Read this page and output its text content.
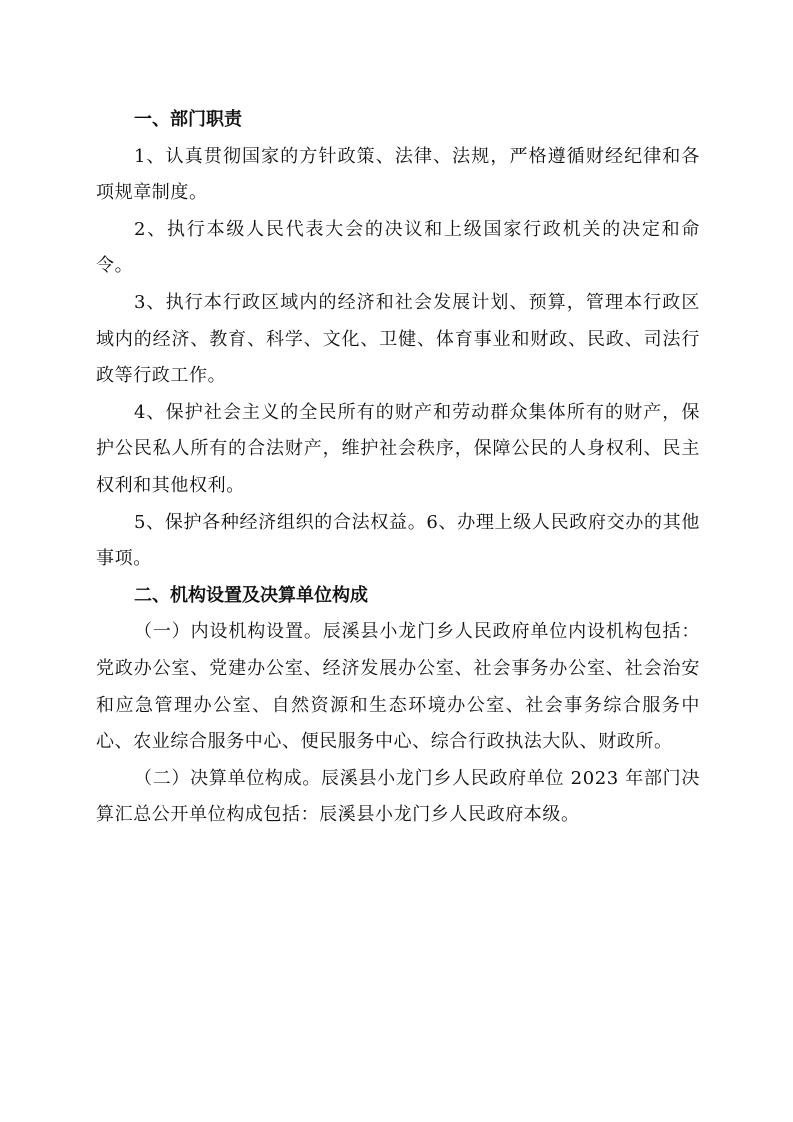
一、部门职责

1、认真贯彻国家的方针政策、法律、法规，严格遵循财经纪律和各项规章制度。

2、执行本级人民代表大会的决议和上级国家行政机关的决定和命令。

3、执行本行政区域内的经济和社会发展计划、预算，管理本行政区域内的经济、教育、科学、文化、卫健、体育事业和财政、民政、司法行政等行政工作。

4、保护社会主义的全民所有的财产和劳动群众集体所有的财产，保护公民私人所有的合法财产，维护社会秩序，保障公民的人身权利、民主权利和其他权利。

5、保护各种经济组织的合法权益。6、办理上级人民政府交办的其他事项。

二、机构设置及决算单位构成

（一）内设机构设置。辰溪县小龙门乡人民政府单位内设机构包括：党政办公室、党建办公室、经济发展办公室、社会事务办公室、社会治安和应急管理办公室、自然资源和生态环境办公室、社会事务综合服务中心、农业综合服务中心、便民服务中心、综合行政执法大队、财政所。

（二）决算单位构成。辰溪县小龙门乡人民政府单位 2023 年部门决算汇总公开单位构成包括：辰溪县小龙门乡人民政府本级。
